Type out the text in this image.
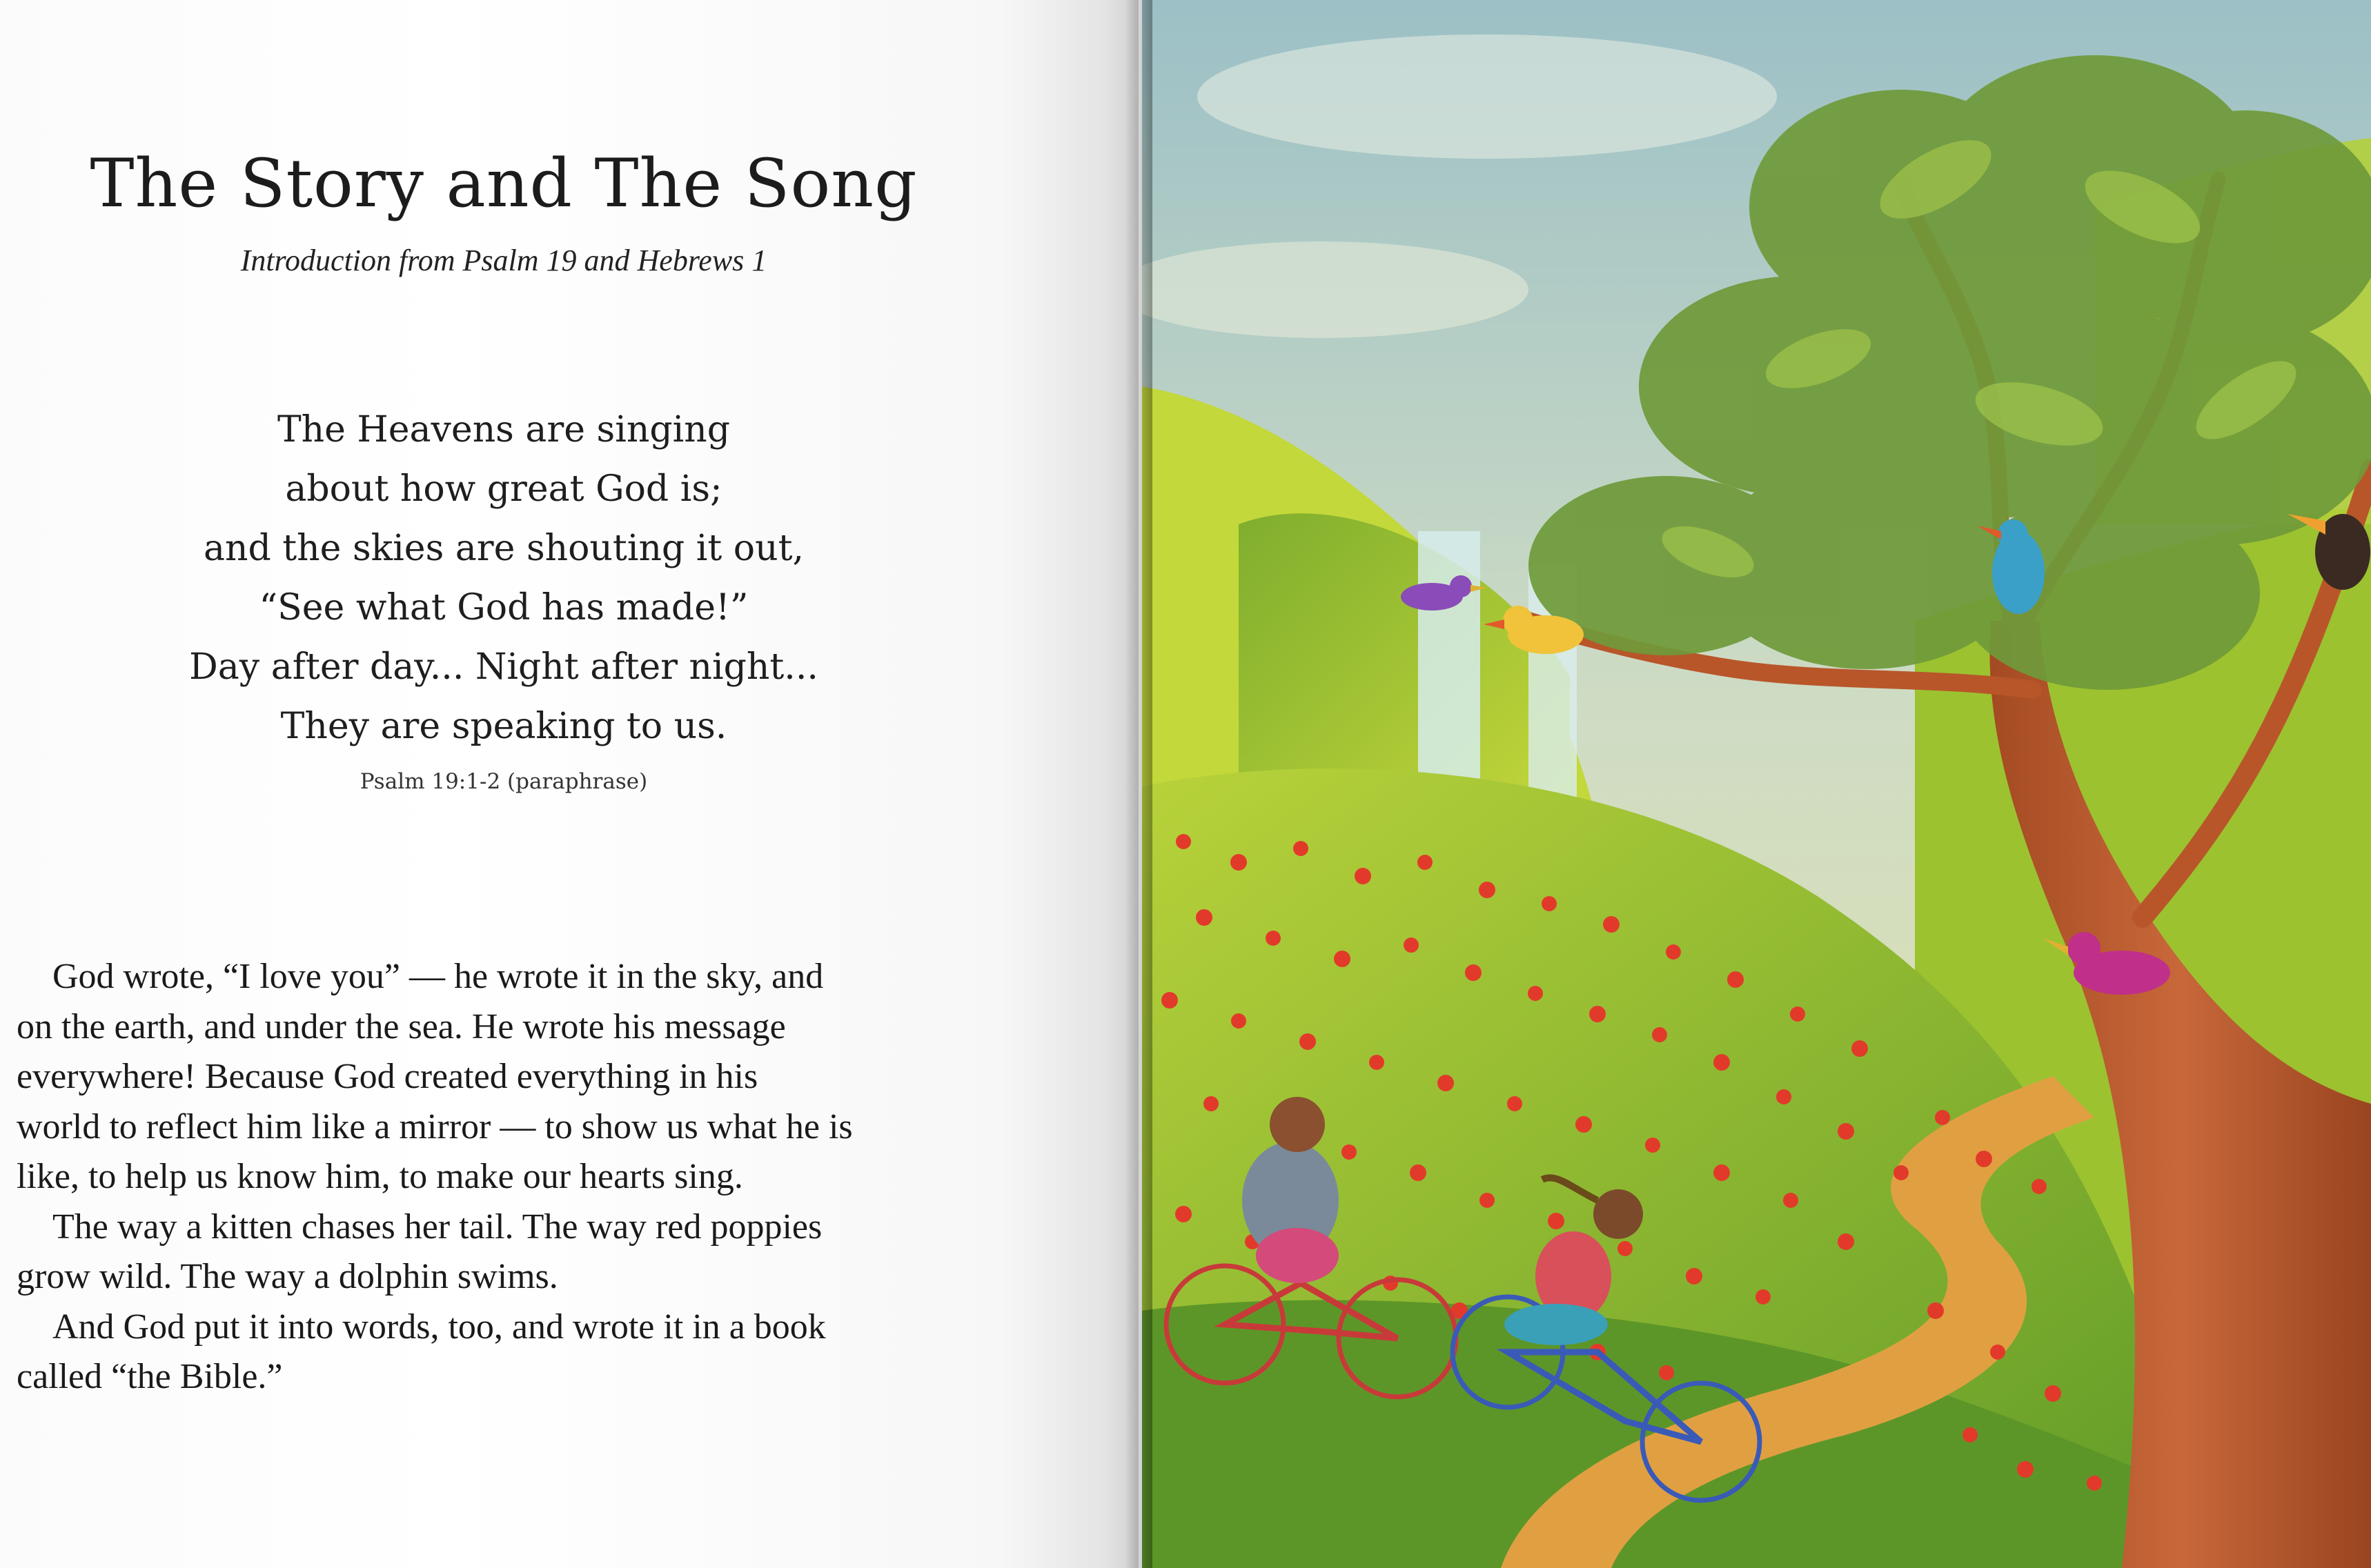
The Story and The Song
Introduction from Psalm 19 and Hebrews 1
The Heavens are singing
about how great God is;
and the skies are shouting it out,
“See what God has made!”
Day after day... Night after night...
They are speaking to us.
Psalm 19:1-2 (paraphrase)
God wrote, “I love you” — he wrote it in the sky, and
on the earth, and under the sea. He wrote his message
everywhere! Because God created everything in his
world to reflect him like a mirror — to show us what he is
like, to help us know him, to make our hearts sing.
The way a kitten chases her tail. The way red poppies
grow wild. The way a dolphin swims.
And God put it into words, too, and wrote it in a book
called “the Bible.”
